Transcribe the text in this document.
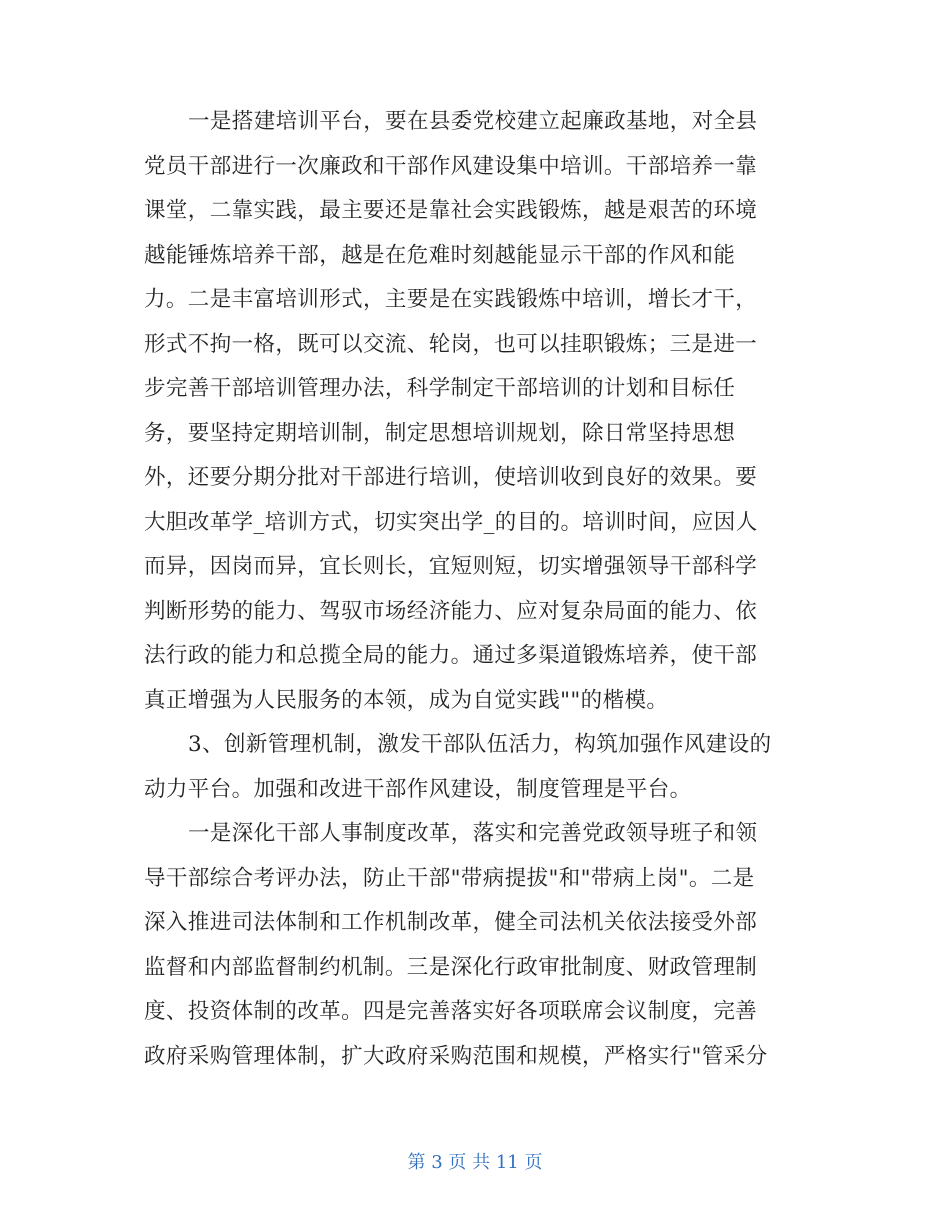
一是搭建培训平台，要在县委党校建立起廉政基地，对全县
党员干部进行一次廉政和干部作风建设集中培训。干部培养一靠
课堂，二靠实践，最主要还是靠社会实践锻炼，越是艰苦的环境
越能锤炼培养干部，越是在危难时刻越能显示干部的作风和能
力。二是丰富培训形式，主要是在实践锻炼中培训，增长才干，
形式不拘一格，既可以交流、轮岗，也可以挂职锻炼；三是进一
步完善干部培训管理办法，科学制定干部培训的计划和目标任
务，要坚持定期培训制，制定思想培训规划，除日常坚持思想
外，还要分期分批对干部进行培训，使培训收到良好的效果。要
大胆改革学_培训方式，切实突出学_的目的。培训时间，应因人
而异，因岗而异，宜长则长，宜短则短，切实增强领导干部科学
判断形势的能力、驾驭市场经济能力、应对复杂局面的能力、依
法行政的能力和总揽全局的能力。通过多渠道锻炼培养，使干部
真正增强为人民服务的本领，成为自觉实践""的楷模。
3、创新管理机制，激发干部队伍活力，构筑加强作风建设的
动力平台。加强和改进干部作风建设，制度管理是平台。
一是深化干部人事制度改革，落实和完善党政领导班子和领
导干部综合考评办法，防止干部"带病提拔"和"带病上岗"。二是
深入推进司法体制和工作机制改革，健全司法机关依法接受外部
监督和内部监督制约机制。三是深化行政审批制度、财政管理制
度、投资体制的改革。四是完善落实好各项联席会议制度，完善
政府采购管理体制，扩大政府采购范围和规模，严格实行"管采分
第 3 页 共 11 页
